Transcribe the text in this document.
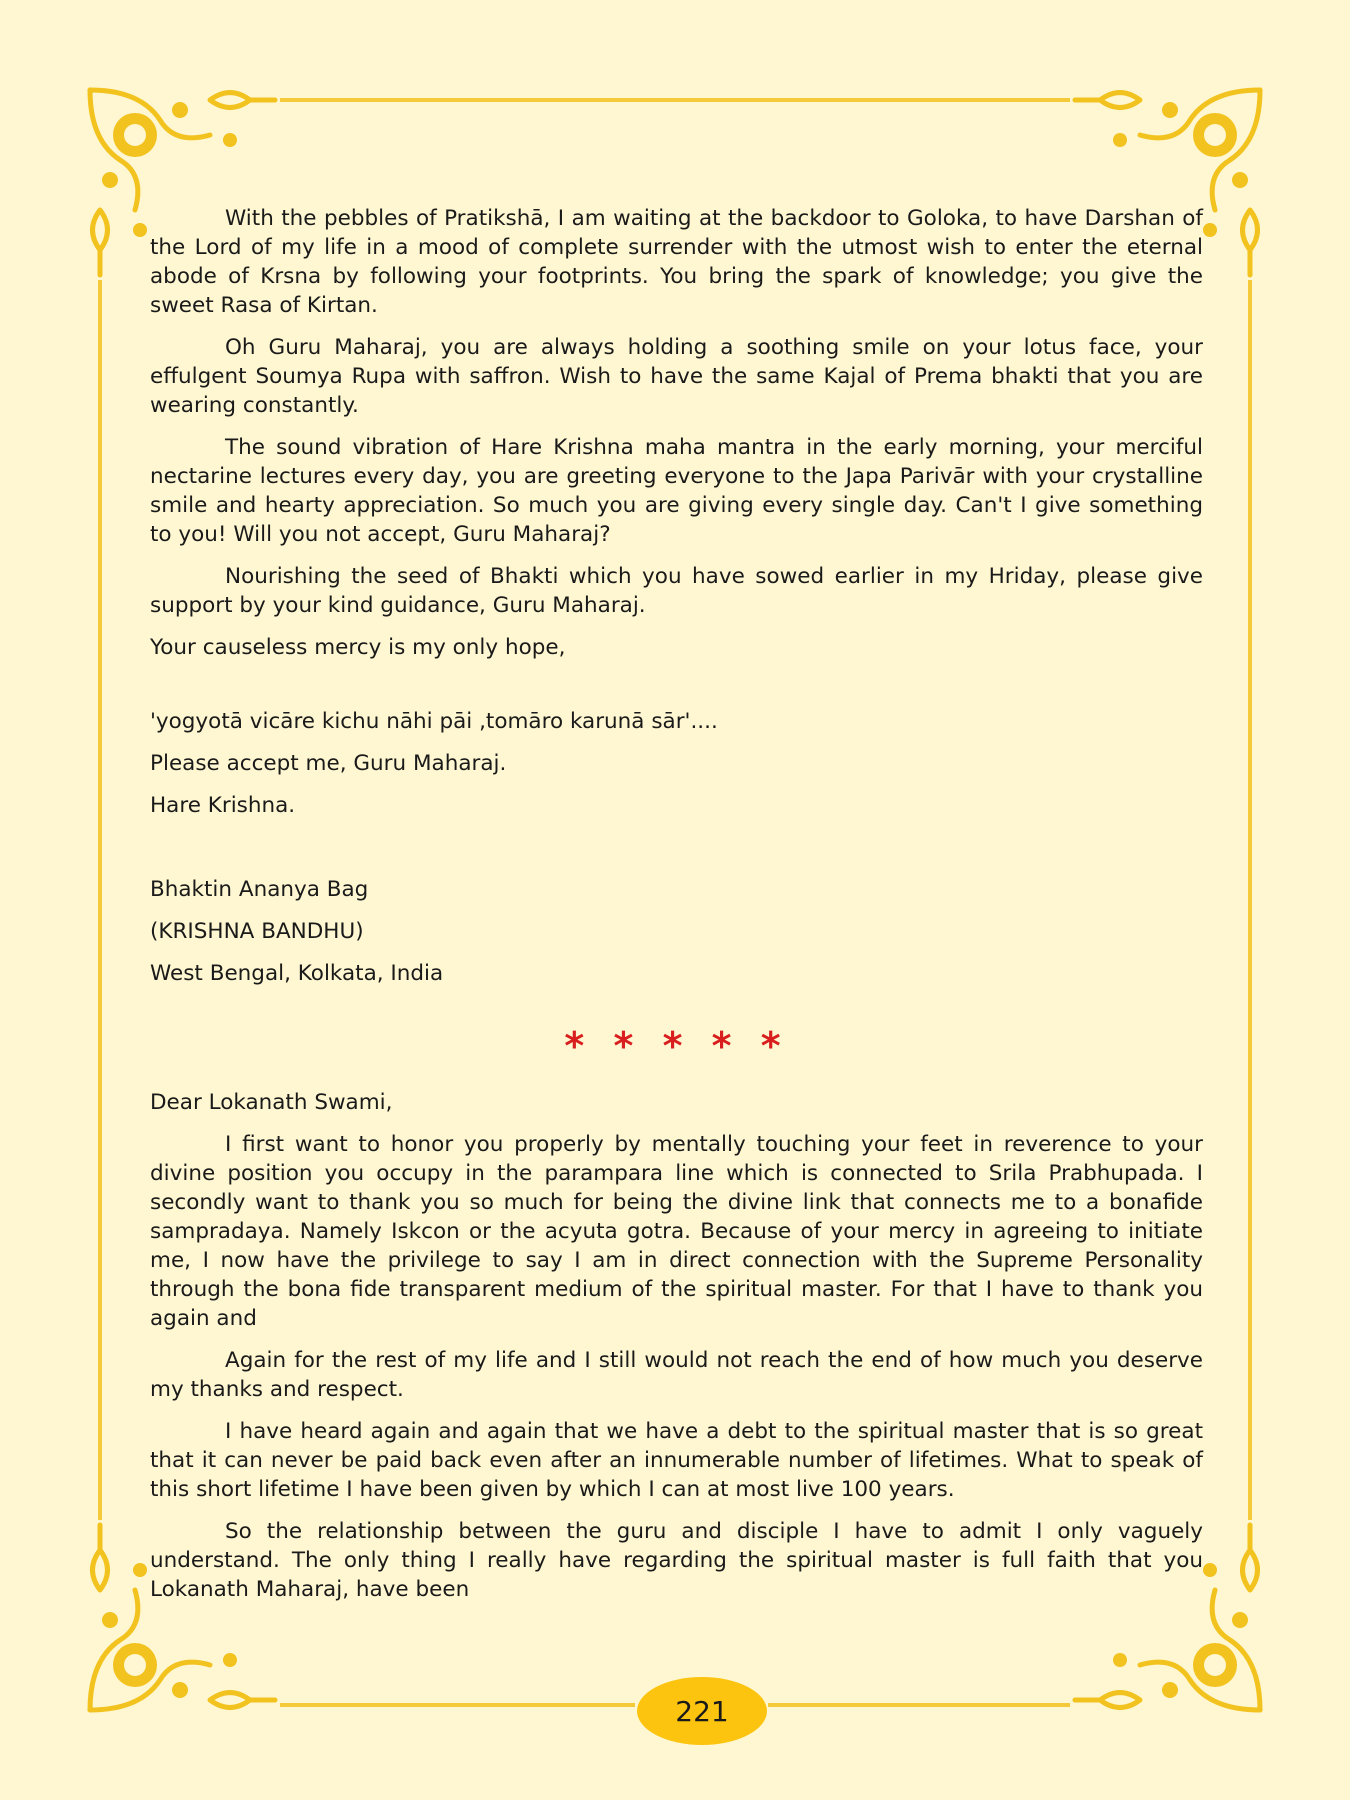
With the pebbles of Pratikshā, I am waiting at the backdoor to Goloka, to have Darshan of the Lord of my life in a mood of complete surrender with the utmost wish to enter the eternal abode of Krsna by following your footprints. You bring the spark of knowledge; you give the sweet Rasa of Kirtan.

Oh Guru Maharaj, you are always holding a soothing smile on your lotus face, your effulgent Soumya Rupa with saffron. Wish to have the same Kajal of Prema bhakti that you are wearing constantly.

The sound vibration of Hare Krishna maha mantra in the early morning, your merciful nectarine lectures every day, you are greeting everyone to the Japa Parivār with your crystalline smile and hearty appreciation. So much you are giving every single day. Can't I give something to you! Will you not accept, Guru Maharaj?

Nourishing the seed of Bhakti which you have sowed earlier in my Hriday, please give support by your kind guidance, Guru Maharaj.

Your causeless mercy is my only hope,

'yogyotā vicāre kichu nāhi pāi ,tomāro karunā sār'....

Please accept me, Guru Maharaj.

Hare Krishna.

Bhaktin Ananya Bag

(KRISHNA BANDHU)

West Bengal, Kolkata, India

* * * * *

Dear Lokanath Swami,

I first want to honor you properly by mentally touching your feet in reverence to your divine position you occupy in the parampara line which is connected to Srila Prabhupada. I secondly want to thank you so much for being the divine link that connects me to a bonafide sampradaya. Namely Iskcon or the acyuta gotra. Because of your mercy in agreeing to initiate me, I now have the privilege to say I am in direct connection with the Supreme Personality through the bona fide transparent medium of the spiritual master. For that I have to thank you again and

Again for the rest of my life and I still would not reach the end of how much you deserve my thanks and respect.

I have heard again and again that we have a debt to the spiritual master that is so great that it can never be paid back even after an innumerable number of lifetimes. What to speak of this short lifetime I have been given by which I can at most live 100 years.

So the relationship between the guru and disciple I have to admit I only vaguely understand. The only thing I really have regarding the spiritual master is full faith that you Lokanath Maharaj, have been

221
